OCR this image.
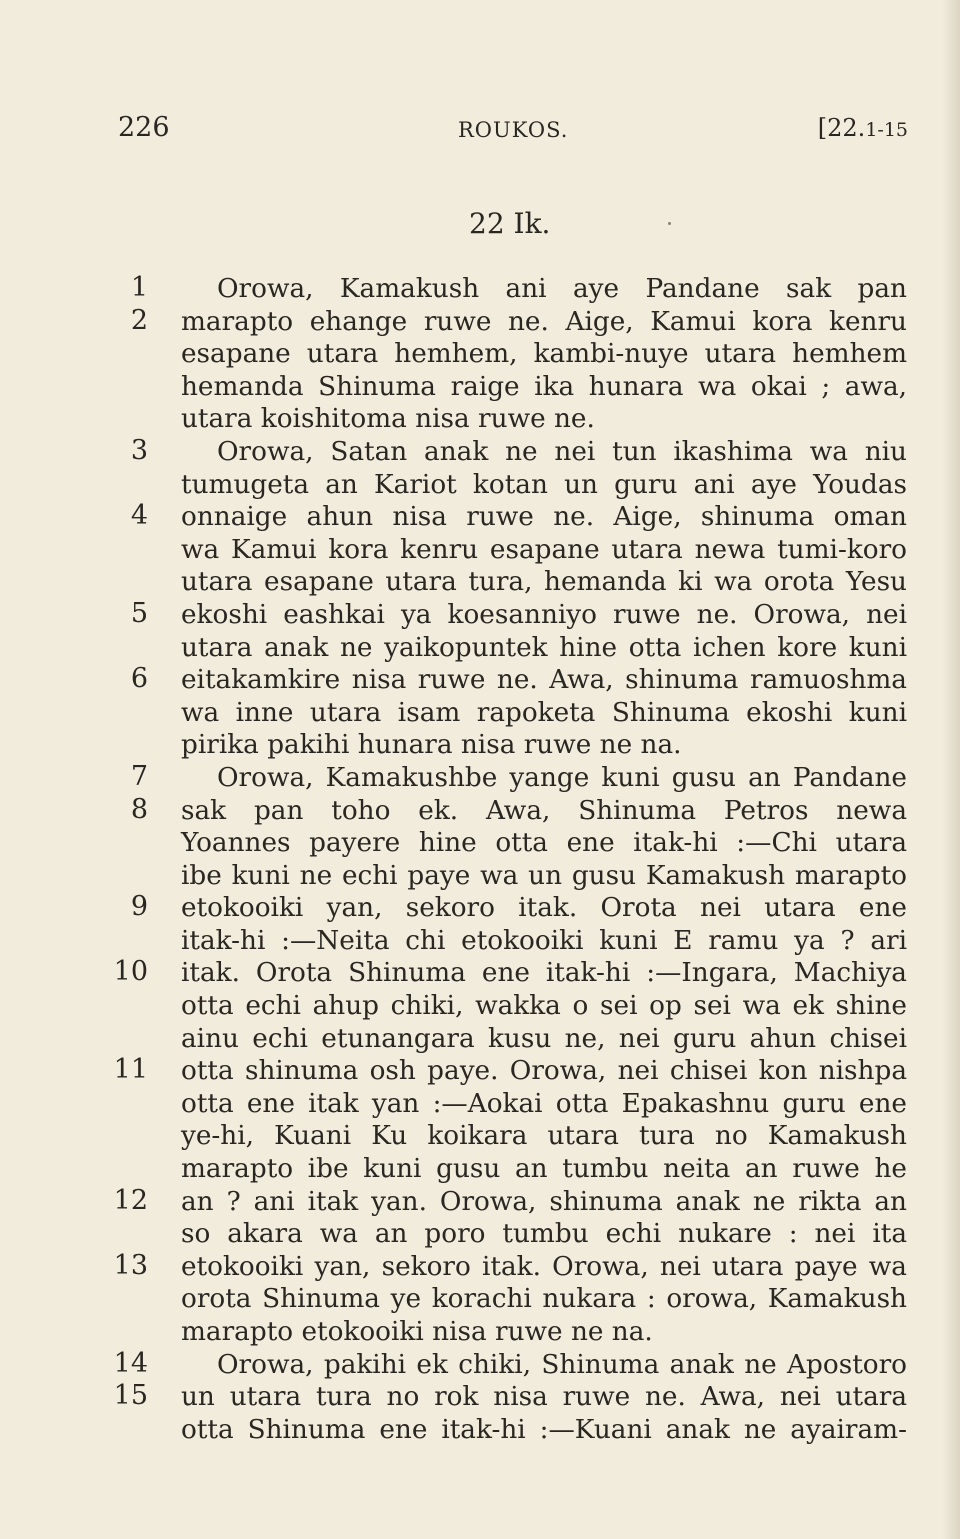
226	ROUKOS.	[22.1-15
22 Ik.
1	Orowa, Kamakush ani aye Pandane sak pan
2 marapto ehange ruwe ne. Aige, Kamui kora kenru
esapane utara hemhem, kambi-nuye utara hemhem
hemanda Shinuma raige ika hunara wa okai ; awa,
utara koishitoma nisa ruwe ne.
3	Orowa, Satan anak ne nei tun ikashima wa niu
tumugeta an Kariot kotan un guru ani aye Youdas
4 onnaige ahun nisa ruwe ne. Aige, shinuma oman
wa Kamui kora kenru esapane utara newa tumi-koro
utara esapane utara tura, hemanda ki wa orota Yesu
5 ekoshi eashkai ya koesanniyo ruwe ne. Orowa, nei
utara anak ne yaikopuntek hine otta ichen kore kuni
6 eitakamkire nisa ruwe ne. Awa, shinuma ramuoshma
wa inne utara isam rapoketa Shinuma ekoshi kuni
pirika pakihi hunara nisa ruwe ne na.
7	Orowa, Kamakushbe yange kuni gusu an Pandane
8 sak pan toho ek. Awa, Shinuma Petros newa
Yoannes payere hine otta ene itak-hi :—Chi utara
ibe kuni ne echi paye wa un gusu Kamakush marapto
9 etokooiki yan, sekoro itak. Orota nei utara ene
itak-hi :—Neita chi etokooiki kuni E ramu ya ? ari
10 itak. Orota Shinuma ene itak-hi :—Ingara, Machiya
otta echi ahup chiki, wakka o sei op sei wa ek shine
ainu echi etunangara kusu ne, nei guru ahun chisei
11 otta shinuma osh paye. Orowa, nei chisei kon nishpa
otta ene itak yan :—Aokai otta Epakashnu guru ene
ye-hi, Kuani Ku koikara utara tura no Kamakush
marapto ibe kuni gusu an tumbu neita an ruwe he
12 an ? ani itak yan. Orowa, shinuma anak ne rikta an
so akara wa an poro tumbu echi nukare : nei ita
13 etokooiki yan, sekoro itak. Orowa, nei utara paye wa
orota Shinuma ye korachi nukara : orowa, Kamakush
marapto etokooiki nisa ruwe ne na.
14	Orowa, pakihi ek chiki, Shinuma anak ne Apostoro
15 un utara tura no rok nisa ruwe ne. Awa, nei utara
otta Shinuma ene itak-hi :—Kuani anak ne ayairam-
